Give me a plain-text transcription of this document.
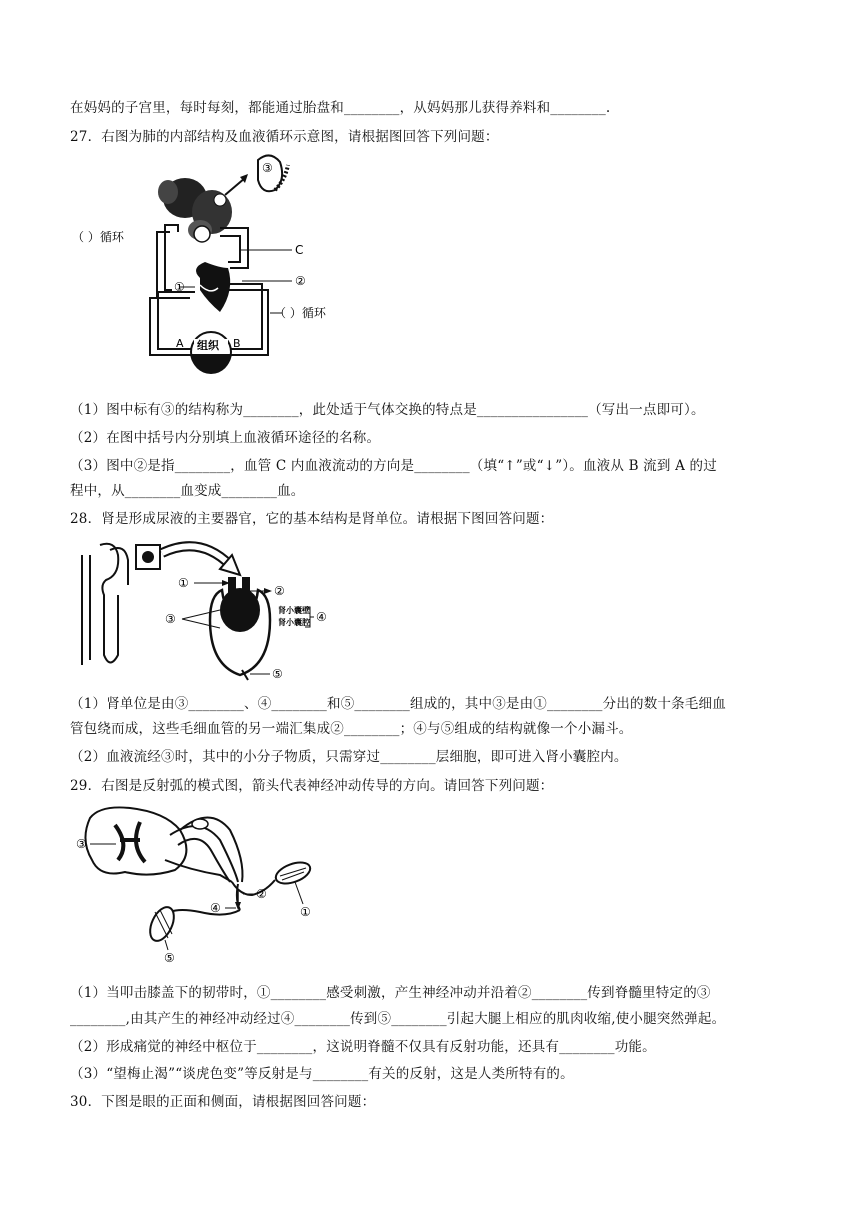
在妈妈的子宫里，每时每刻，都能通过胎盘和________，从妈妈那儿获得养料和________.
27．右图为肺的内部结构及血液循环示意图，请根据图回答下列问题：
（ ）循环
C
②
①
③
（ ）循环
A	B
组织
（1）图中标有③的结构称为________，此处适于气体交换的特点是________________（写出一点即可）。
（2）在图中括号内分别填上血液循环途径的名称。
（3）图中②是指________，血管 C 内血液流动的方向是________（填“↑”或“↓”）。血液从 B 流到 A 的过
程中，从________血变成________血。
28．肾是形成尿液的主要器官，它的基本结构是肾单位。请根据下图回答问题：
①
②
③	④
⑤
肾小囊壁
肾小囊腔
（1）肾单位是由③________、④________和⑤________组成的，其中③是由①________分出的数十条毛细血
管包绕而成，这些毛细血管的另一端汇集成②________；④与⑤组成的结构就像一个小漏斗。
（2）血液流经③时，其中的小分子物质，只需穿过________层细胞，即可进入肾小囊腔内。
29．右图是反射弧的模式图，箭头代表神经冲动传导的方向。请回答下列问题：
③
②
④	①
⑤
（1）当叩击膝盖下的韧带时，①________感受刺激，产生神经冲动并沿着②________传到脊髓里特定的③
________,由其产生的神经冲动经过④________传到⑤________引起大腿上相应的肌肉收缩,使小腿突然弹起。
（2）形成痛觉的神经中枢位于________，这说明脊髓不仅具有反射功能，还具有________功能。
（3）“望梅止渴”“谈虎色变”等反射是与________有关的反射，这是人类所特有的。
30．下图是眼的正面和侧面，请根据图回答问题：
